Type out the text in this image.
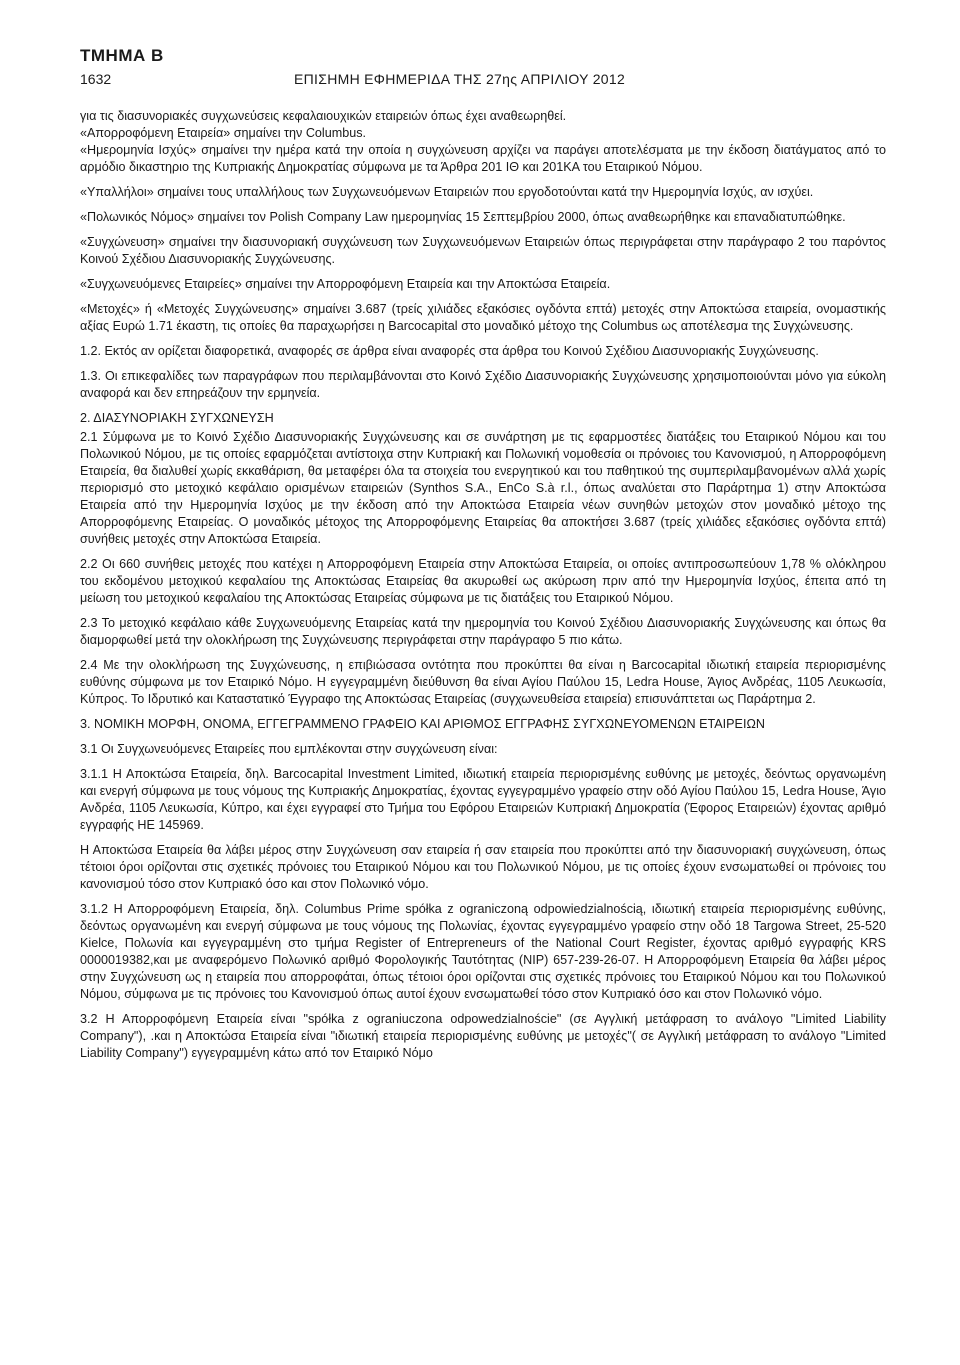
ΤΜΗΜΑ Β
1632	ΕΠΙΣΗΜΗ ΕΦΗΜΕΡΙΔΑ ΤΗΣ 27ης ΑΠΡΙΛΙΟΥ 2012

για τις διασυνοριακές συγχωνεύσεις κεφαλαιουχικών εταιρειών όπως έχει αναθεωρηθεί.

«Απορροφόμενη Εταιρεία» σημαίνει την Columbus.

«Ημερομηνία Ισχύς» σημαίνει την ημέρα κατά την οποία η συγχώνευση αρχίζει να παράγει αποτελέσματα με την έκδοση διατάγματος από το αρμόδιο δικαστηριο της Κυπριακής Δημοκρατίας σύμφωνα με τα Άρθρα 201 ΙΘ και 201ΚΑ του Εταιρικού Νόμου.

«Υπαλλήλοι» σημαίνει τους υπαλλήλους των Συγχωνευόμενων Εταιρειών που εργοδοτούνται κατά την Ημερομηνία Ισχύς, αν ισχύει.

«Πολωνικός Νόμος» σημαίνει τον Polish Company Law ημερομηνίας 15 Σεπτεμβρίου 2000, όπως αναθεωρήθηκε και επαναδιατυπώθηκε.

«Συγχώνευση» σημαίνει την διασυνοριακή συγχώνευση των Συγχωνευόμενων Εταιρειών όπως περιγράφεται στην παράγραφο 2 του παρόντος Κοινού Σχέδιου Διασυνοριακής Συγχώνευσης.

«Συγχωνευόμενες Εταιρείες» σημαίνει την Απορροφόμενη Εταιρεία και την Αποκτώσα Εταιρεία.

«Μετοχές» ή «Μετοχές Συγχώνευσης» σημαίνει 3.687 (τρείς χιλιάδες εξακόσιες ογδόντα επτά) μετοχές στην Αποκτώσα εταιρεία, ονομαστικής αξίας Ευρώ 1.71 έκαστη, τις οποίες θα παραχωρήσει η Barcocapital στο μοναδικό μέτοχο της Columbus ως αποτέλεσμα της Συγχώνευσης.

1.2. Εκτός αν ορίζεται διαφορετικά, αναφορές σε άρθρα είναι αναφορές στα άρθρα του Κοινού Σχέδιου Διασυνοριακής Συγχώνευσης.

1.3. Οι επικεφαλίδες των παραγράφων που περιλαμβάνονται στο Κοινό Σχέδιο Διασυνοριακής Συγχώνευσης χρησιμοποιούνται μόνο για εύκολη αναφορά και δεν επηρεάζουν την ερμηνεία.

2. ΔΙΑΣΥΝΟΡΙΑΚΗ ΣΥΓΧΩΝΕΥΣΗ

2.1 Σύμφωνα με το Κοινό Σχέδιο Διασυνοριακής Συγχώνευσης και σε συνάρτηση με τις εφαρμοστέες διατάξεις του Εταιρικού Νόμου και του Πολωνικού Νόμου, με τις οποίες εφαρμόζεται αντίστοιχα στην Κυπριακή και Πολωνική νομοθεσία οι πρόνοιες του Κανονισμού, η Απορροφόμενη Εταιρεία, θα διαλυθεί χωρίς εκκαθάριση, θα μεταφέρει όλα τα στοιχεία του ενεργητικού και του παθητικού της συμπεριλαμβανομένων αλλά χωρίς περιορισμό στο μετοχικό κεφάλαιο ορισμένων εταιρειών (Synthos S.A., EnCo S.à r.l., όπως αναλύεται στο Παράρτημα 1) στην Αποκτώσα Εταιρεία από την Ημερομηνία Ισχύος με την έκδοση από την Αποκτώσα Εταιρεία νέων συνηθών μετοχών στον μοναδικό μέτοχο της Απορροφόμενης Εταιρείας. Ο μοναδικός μέτοχος της Απορροφόμενης Εταιρείας θα αποκτήσει 3.687 (τρείς χιλιάδες εξακόσιες ογδόντα επτά) συνήθεις μετοχές στην Αποκτώσα Εταιρεία.

2.2 Οι 660 συνήθεις μετοχές που κατέχει η Απορροφόμενη Εταιρεία στην Αποκτώσα Εταιρεία, οι οποίες αντιπροσωπεύουν 1,78 % ολόκληρου του εκδομένου μετοχικού κεφαλαίου της Αποκτώσας Εταιρείας θα ακυρωθεί ως ακύρωση πριν από την Ημερομηνία Ισχύος, έπειτα από τη μείωση του μετοχικού κεφαλαίου της Αποκτώσας Εταιρείας σύμφωνα με τις διατάξεις του Εταιρικού Νόμου.

2.3 Το μετοχικό κεφάλαιο κάθε Συγχωνευόμενης Εταιρείας κατά την ημερομηνία του Κοινού Σχέδιου Διασυνοριακής Συγχώνευσης και όπως θα διαμορφωθεί μετά την ολοκλήρωση της Συγχώνευσης περιγράφεται στην παράγραφο 5 πιο κάτω.

2.4 Με την ολοκλήρωση της Συγχώνευσης, η επιβιώσασα οντότητα που προκύπτει θα είναι η Barcocapital ιδιωτική εταιρεία περιορισμένης ευθύνης σύμφωνα με τον Εταιρικό Νόμο. Η εγγεγραμμένη διεύθυνση θα είναι Αγίου Παύλου 15, Ledra House, Άγιος Ανδρέας, 1105 Λευκωσία, Κύπρος. Το Ιδρυτικό και Καταστατικό Έγγραφο της Αποκτώσας Εταιρείας (συγχωνευθείσα εταιρεία) επισυνάπτεται ως Παράρτημα 2.

3. ΝΟΜΙΚΗ ΜΟΡΦΗ, ΟΝΟΜΑ, ΕΓΓΕΓΡΑΜΜΕΝΟ ΓΡΑΦΕΙΟ ΚΑΙ ΑΡΙΘΜΟΣ ΕΓΓΡΑΦΗΣ ΣΥΓΧΩΝΕΥΟΜΕΝΩΝ ΕΤΑΙΡΕΙΩΝ

3.1 Οι Συγχωνευόμενες Εταιρείες που εμπλέκονται στην συγχώνευση είναι:

3.1.1 Η Αποκτώσα Εταιρεία, δηλ. Barcocapital Investment Limited, ιδιωτική εταιρεία περιορισμένης ευθύνης με μετοχές, δεόντως οργανωμένη και ενεργή σύμφωνα με τους νόμους της Κυπριακής Δημοκρατίας, έχοντας εγγεγραμμένο γραφείο στην οδό Αγίου Παύλου 15, Ledra House, Άγιο Ανδρέα, 1105 Λευκωσία, Κύπρο, και έχει εγγραφεί στο Τμήμα του Εφόρου Εταιρειών Κυπριακή Δημοκρατία (Έφορος Εταιρειών) έχοντας αριθμό εγγραφής ΗΕ 145969.

Η Αποκτώσα Εταιρεία θα λάβει μέρος στην Συγχώνευση σαν εταιρεία ή σαν εταιρεία που προκύπτει από την διασυνοριακή συγχώνευση, όπως τέτοιοι όροι ορίζονται στις σχετικές πρόνοιες του Εταιρικού Νόμου και του Πολωνικού Νόμου, με τις οποίες έχουν ενσωματωθεί οι πρόνοιες του κανονισμού τόσο στον Κυπριακό όσο και στον Πολωνικό νόμο.

3.1.2 Η Απορροφόμενη Εταιρεία, δηλ. Columbus Prime spółka z ograniczoną odpowiedzialnością, ιδιωτική εταιρεία περιορισμένης ευθύνης, δεόντως οργανωμένη και ενεργή σύμφωνα με τους νόμους της Πολωνίας, έχοντας εγγεγραμμένο γραφείο στην οδό 18 Targowa Street, 25-520 Kielce, Πολωνία και εγγεγραμμένη στο τμήμα Register of Entrepreneurs of the National Court Register, έχοντας αριθμό εγγραφής KRS 0000019382,και με αναφερόμενο Πολωνικό αριθμό Φορολογικής Ταυτότητας (NIP) 657-239-26-07. Η Απορροφόμενη Εταιρεία θα λάβει μέρος στην Συγχώνευση ως η εταιρεία που απορροφάται, όπως τέτοιοι όροι ορίζονται στις σχετικές πρόνοιες του Εταιρικού Νόμου και του Πολωνικού Νόμου, σύμφωνα με τις πρόνοιες του Κανονισμού όπως αυτοί έχουν ενσωματωθεί τόσο στον Κυπριακό όσο και στον Πολωνικό νόμο.

3.2 Η Απορροφόμενη Εταιρεία είναι "spółka z ograniuczona odpowedzialnoście" (σε Αγγλική μετάφραση το ανάλογο "Limited Liability Company"), .και η Αποκτώσα Εταιρεία είναι "ιδιωτική εταιρεία περιορισμένης ευθύνης με μετοχές"( σε Αγγλική μετάφραση το ανάλογο "Limited Liability Company") εγγεγραμμένη κάτω από τον Εταιρικό Νόμο
